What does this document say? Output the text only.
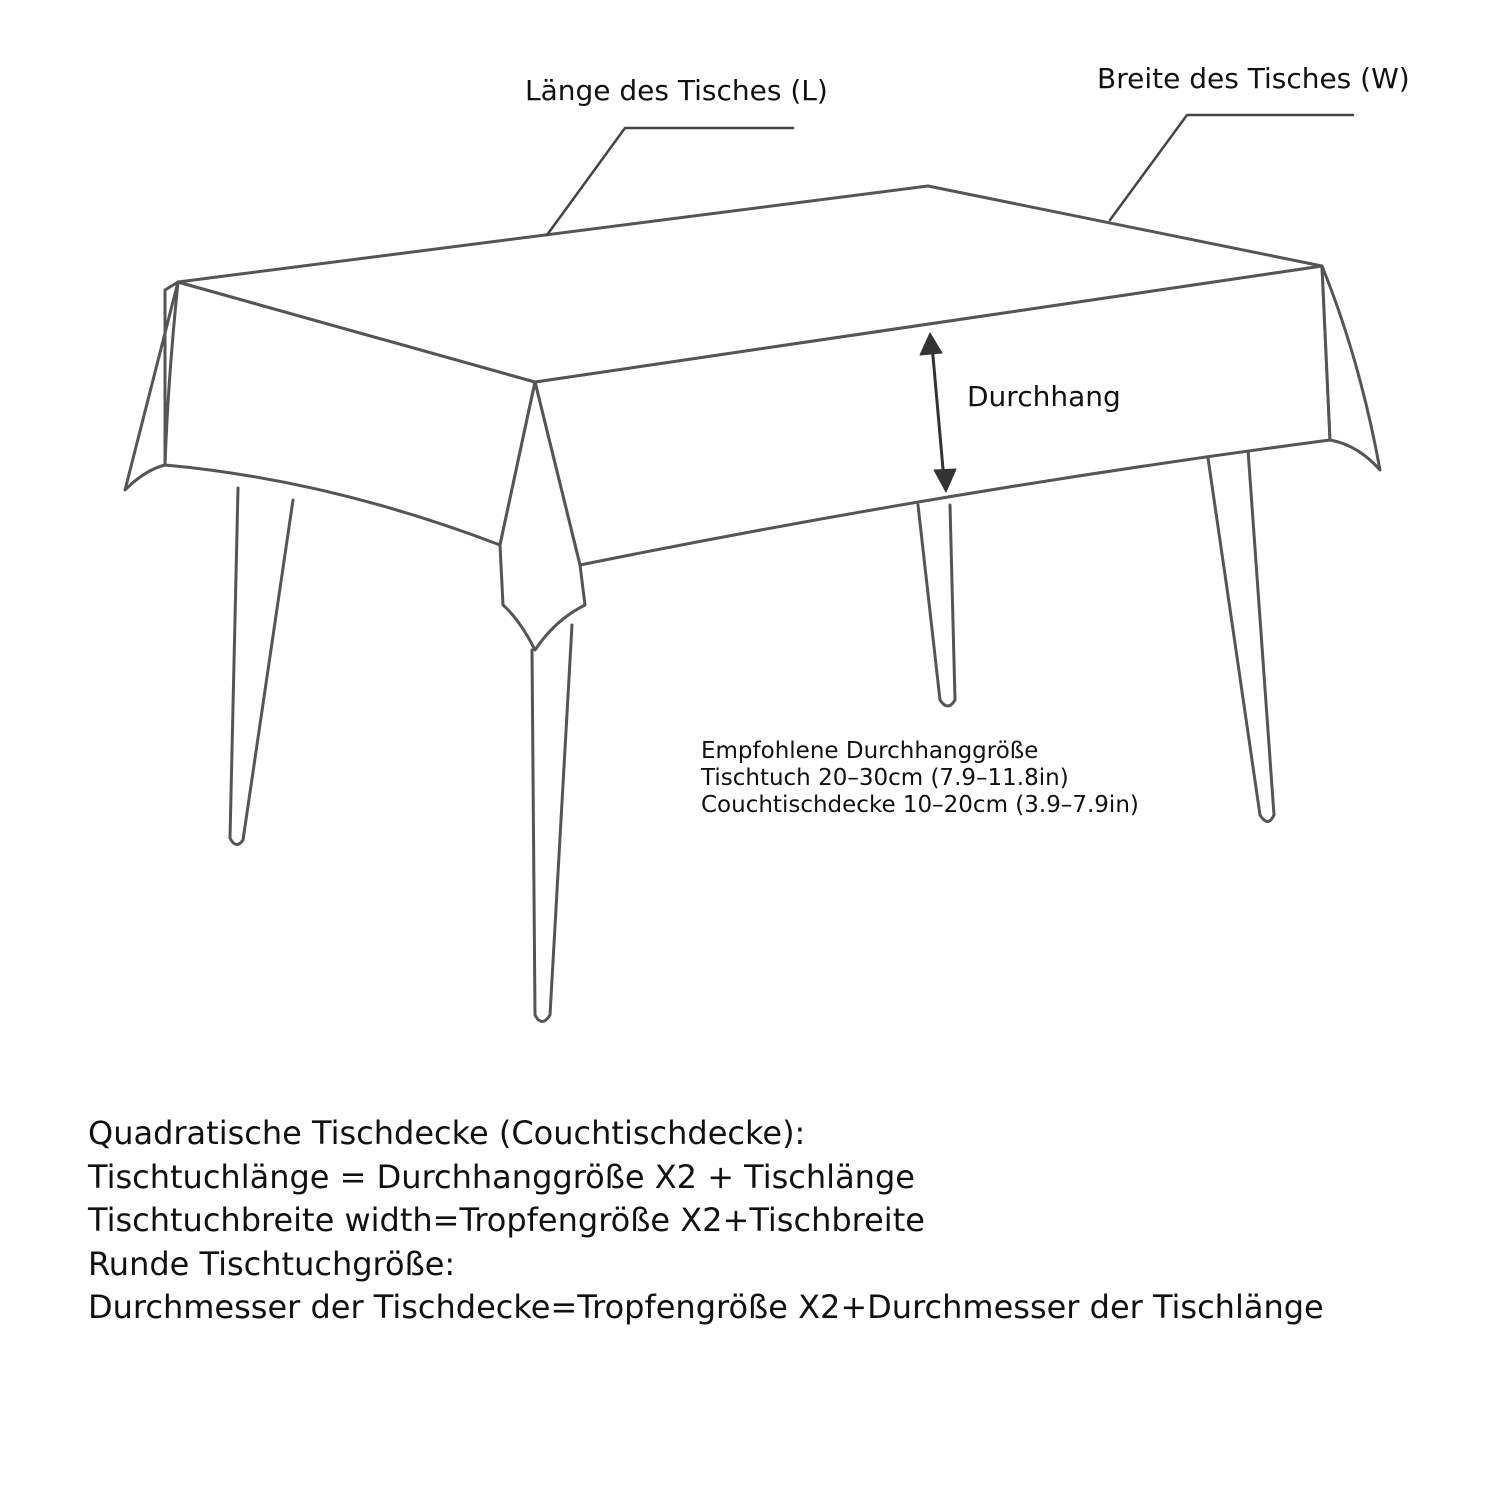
Länge des Tisches (L)	Breite des Tisches (W)
Durchhang
Empfohlene Durchhanggröße
Tischtuch 20–30cm (7.9–11.8in)
Couchtischdecke 10–20cm (3.9–7.9in)
Quadratische Tischdecke (Couchtischdecke):
Tischtuchlänge = Durchhanggröße X2 + Tischlänge
Tischtuchbreite width=Tropfengröße X2+Tischbreite
Runde Tischtuchgröße:
Durchmesser der Tischdecke=Tropfengröße X2+Durchmesser der Tischlänge
